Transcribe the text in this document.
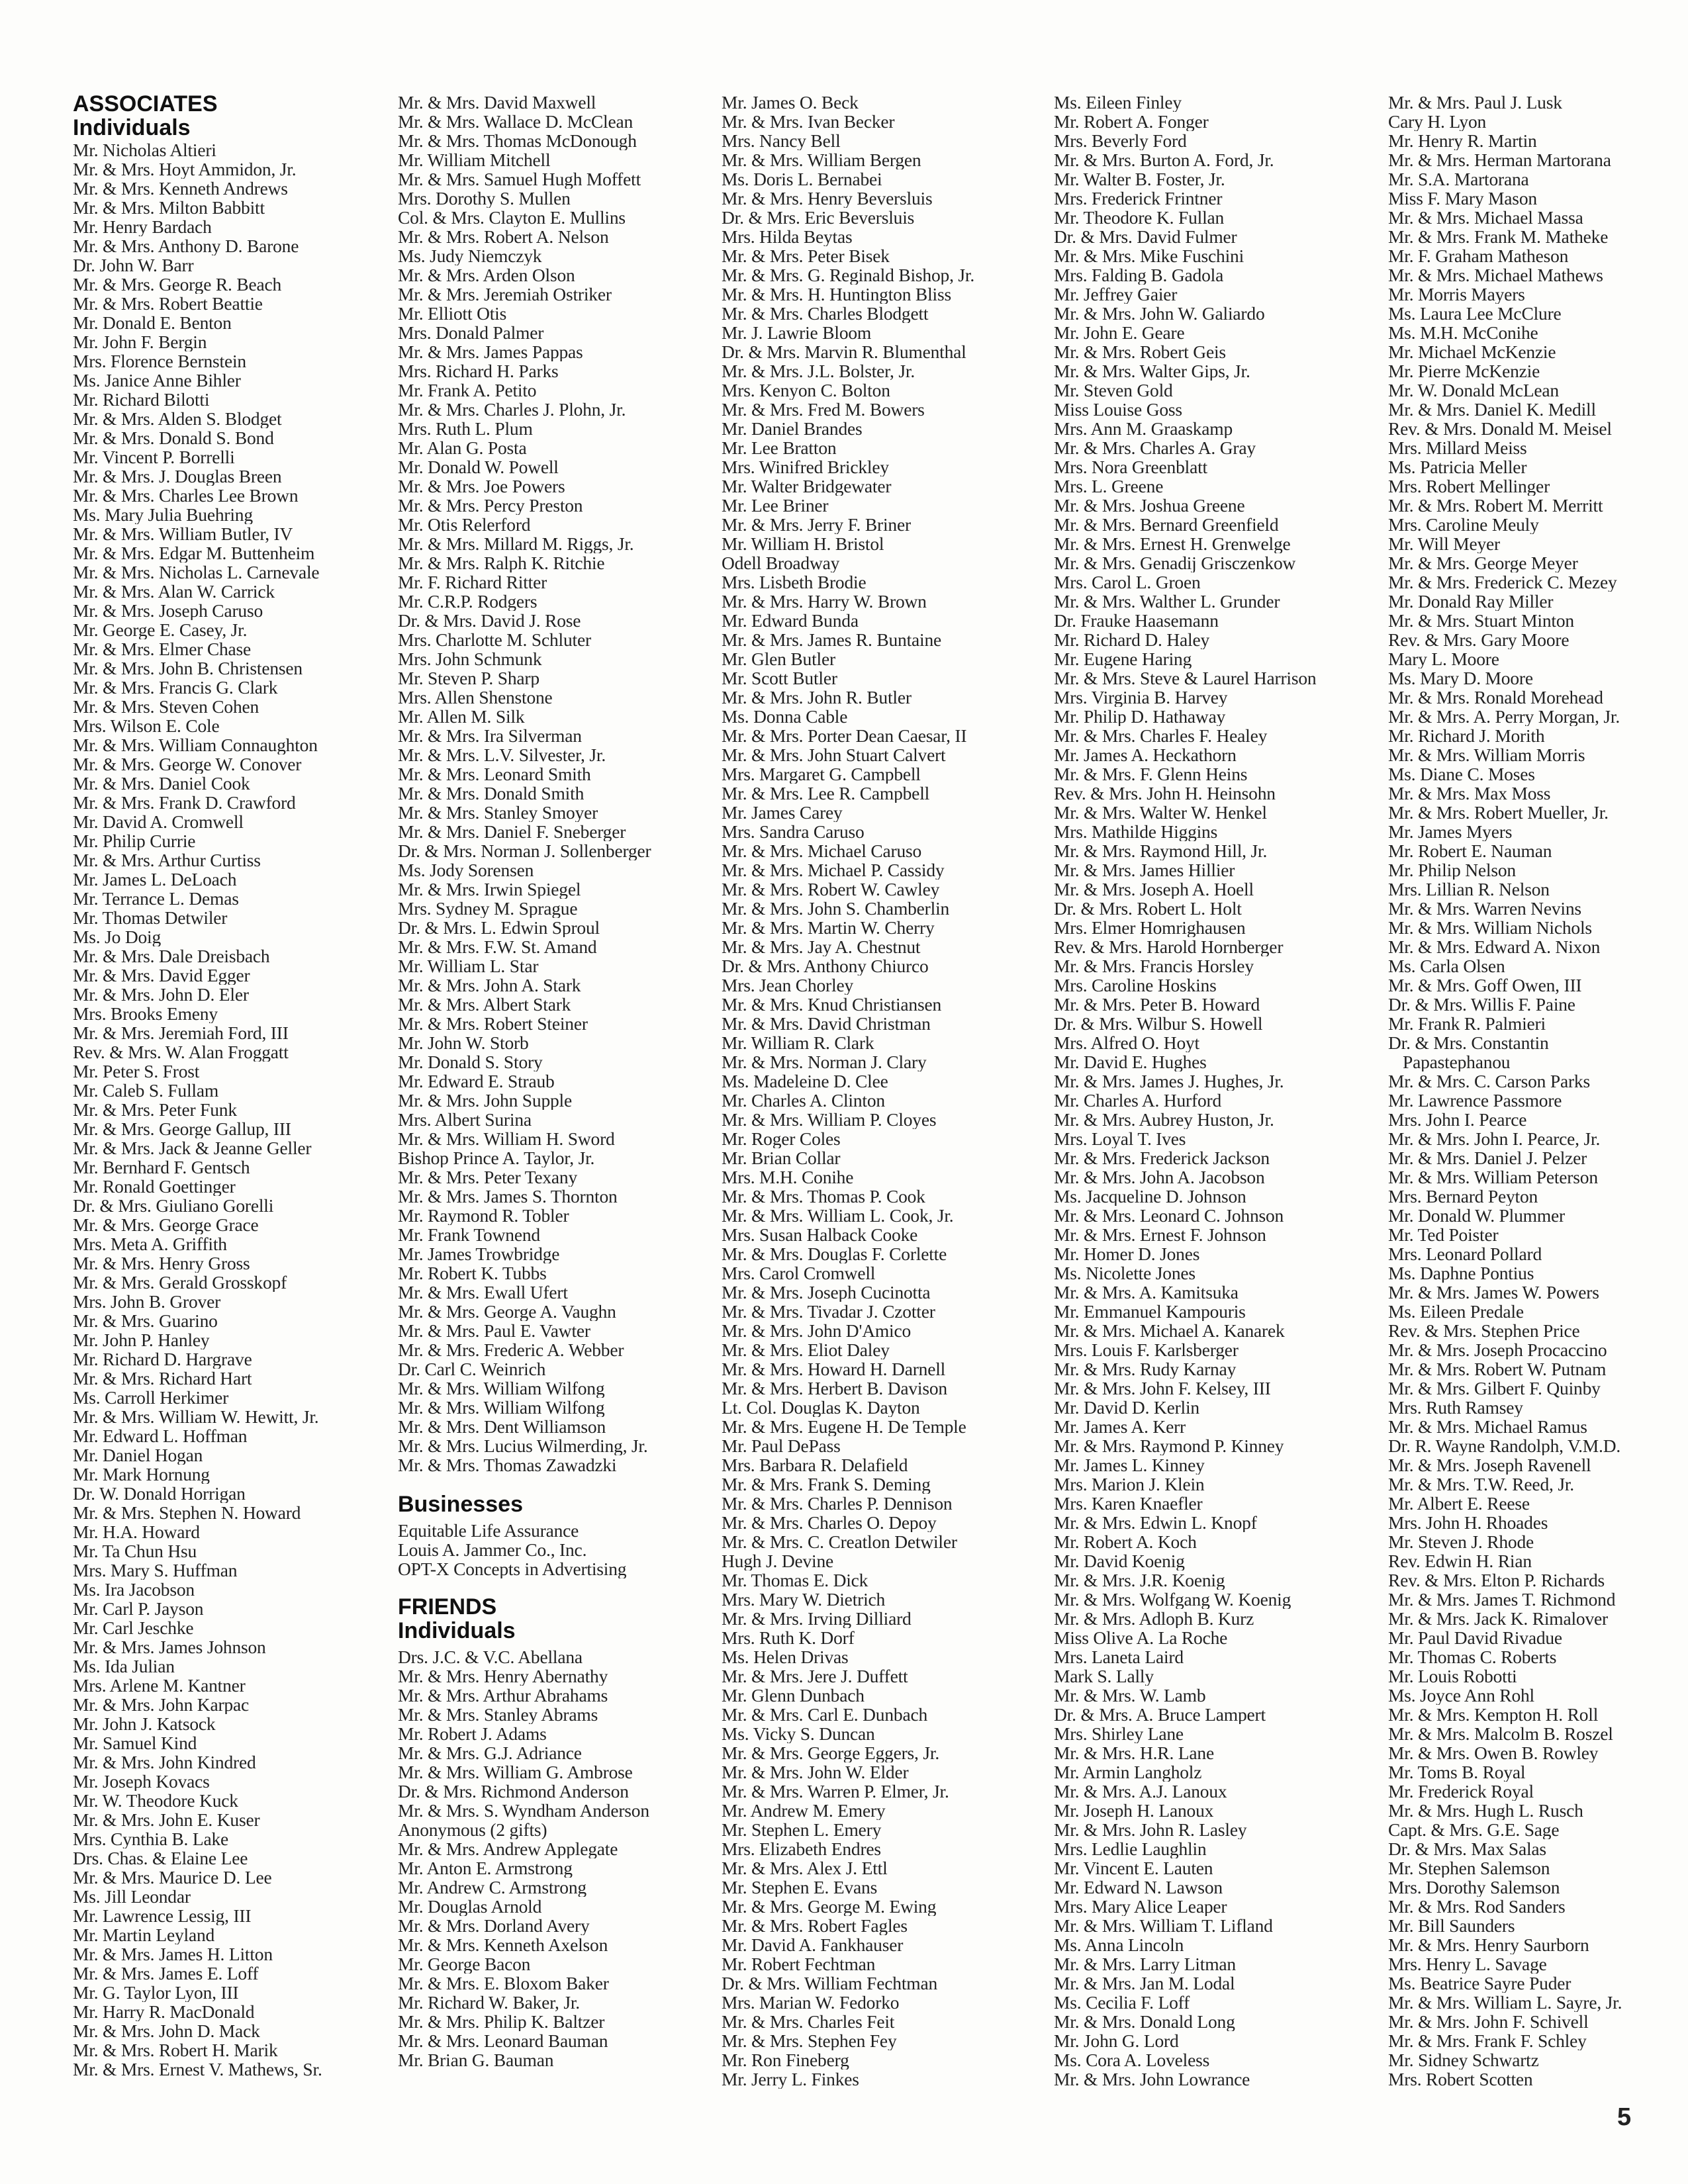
ASSOCIATES
Individuals
Mr. Nicholas Altieri
Mr. & Mrs. Hoyt Ammidon, Jr.
Mr. & Mrs. Kenneth Andrews
Mr. & Mrs. Milton Babbitt
Mr. Henry Bardach
Mr. & Mrs. Anthony D. Barone
Dr. John W. Barr
Mr. & Mrs. George R. Beach
Mr. & Mrs. Robert Beattie
Mr. Donald E. Benton
Mr. John F. Bergin
Mrs. Florence Bernstein
Ms. Janice Anne Bihler
Mr. Richard Bilotti
Mr. & Mrs. Alden S. Blodget
Mr. & Mrs. Donald S. Bond
Mr. Vincent P. Borrelli
Mr. & Mrs. J. Douglas Breen
Mr. & Mrs. Charles Lee Brown
Ms. Mary Julia Buehring
Mr. & Mrs. William Butler, IV
Mr. & Mrs. Edgar M. Buttenheim
Mr. & Mrs. Nicholas L. Carnevale
Mr. & Mrs. Alan W. Carrick
Mr. & Mrs. Joseph Caruso
Mr. George E. Casey, Jr.
Mr. & Mrs. Elmer Chase
Mr. & Mrs. John B. Christensen
Mr. & Mrs. Francis G. Clark
Mr. & Mrs. Steven Cohen
Mrs. Wilson E. Cole
Mr. & Mrs. William Connaughton
Mr. & Mrs. George W. Conover
Mr. & Mrs. Daniel Cook
Mr. & Mrs. Frank D. Crawford
Mr. David A. Cromwell
Mr. Philip Currie
Mr. & Mrs. Arthur Curtiss
Mr. James L. DeLoach
Mr. Terrance L. Demas
Mr. Thomas Detwiler
Ms. Jo Doig
Mr. & Mrs. Dale Dreisbach
Mr. & Mrs. David Egger
Mr. & Mrs. John D. Eler
Mrs. Brooks Emeny
Mr. & Mrs. Jeremiah Ford, III
Rev. & Mrs. W. Alan Froggatt
Mr. Peter S. Frost
Mr. Caleb S. Fullam
Mr. & Mrs. Peter Funk
Mr. & Mrs. George Gallup, III
Mr. & Mrs. Jack & Jeanne Geller
Mr. Bernhard F. Gentsch
Mr. Ronald Goettinger
Dr. & Mrs. Giuliano Gorelli
Mr. & Mrs. George Grace
Mrs. Meta A. Griffith
Mr. & Mrs. Henry Gross
Mr. & Mrs. Gerald Grosskopf
Mrs. John B. Grover
Mr. & Mrs. Guarino
Mr. John P. Hanley
Mr. Richard D. Hargrave
Mr. & Mrs. Richard Hart
Ms. Carroll Herkimer
Mr. & Mrs. William W. Hewitt, Jr.
Mr. Edward L. Hoffman
Mr. Daniel Hogan
Mr. Mark Hornung
Dr. W. Donald Horrigan
Mr. & Mrs. Stephen N. Howard
Mr. H.A. Howard
Mr. Ta Chun Hsu
Mrs. Mary S. Huffman
Ms. Ira Jacobson
Mr. Carl P. Jayson
Mr. Carl Jeschke
Mr. & Mrs. James Johnson
Ms. Ida Julian
Mrs. Arlene M. Kantner
Mr. & Mrs. John Karpac
Mr. John J. Katsock
Mr. Samuel Kind
Mr. & Mrs. John Kindred
Mr. Joseph Kovacs
Mr. W. Theodore Kuck
Mr. & Mrs. John E. Kuser
Mrs. Cynthia B. Lake
Drs. Chas. & Elaine Lee
Mr. & Mrs. Maurice D. Lee
Ms. Jill Leondar
Mr. Lawrence Lessig, III
Mr. Martin Leyland
Mr. & Mrs. James H. Litton
Mr. & Mrs. James E. Loff
Mr. G. Taylor Lyon, III
Mr. Harry R. MacDonald
Mr. & Mrs. John D. Mack
Mr. & Mrs. Robert H. Marik
Mr. & Mrs. Ernest V. Mathews, Sr.
Mr. & Mrs. David Maxwell
Mr. & Mrs. Wallace D. McClean
Mr. & Mrs. Thomas McDonough
Mr. William Mitchell
Mr. & Mrs. Samuel Hugh Moffett
Mrs. Dorothy S. Mullen
Col. & Mrs. Clayton E. Mullins
Mr. & Mrs. Robert A. Nelson
Ms. Judy Niemczyk
Mr. & Mrs. Arden Olson
Mr. & Mrs. Jeremiah Ostriker
Mr. Elliott Otis
Mrs. Donald Palmer
Mr. & Mrs. James Pappas
Mrs. Richard H. Parks
Mr. Frank A. Petito
Mr. & Mrs. Charles J. Plohn, Jr.
Mrs. Ruth L. Plum
Mr. Alan G. Posta
Mr. Donald W. Powell
Mr. & Mrs. Joe Powers
Mr. & Mrs. Percy Preston
Mr. Otis Relerford
Mr. & Mrs. Millard M. Riggs, Jr.
Mr. & Mrs. Ralph K. Ritchie
Mr. F. Richard Ritter
Mr. C.R.P. Rodgers
Dr. & Mrs. David J. Rose
Mrs. Charlotte M. Schluter
Mrs. John Schmunk
Mr. Steven P. Sharp
Mrs. Allen Shenstone
Mr. Allen M. Silk
Mr. & Mrs. Ira Silverman
Mr. & Mrs. L.V. Silvester, Jr.
Mr. & Mrs. Leonard Smith
Mr. & Mrs. Donald Smith
Mr. & Mrs. Stanley Smoyer
Mr. & Mrs. Daniel F. Sneberger
Dr. & Mrs. Norman J. Sollenberger
Ms. Jody Sorensen
Mr. & Mrs. Irwin Spiegel
Mrs. Sydney M. Sprague
Dr. & Mrs. L. Edwin Sproul
Mr. & Mrs. F.W. St. Amand
Mr. William L. Star
Mr. & Mrs. John A. Stark
Mr. & Mrs. Albert Stark
Mr. & Mrs. Robert Steiner
Mr. John W. Storb
Mr. Donald S. Story
Mr. Edward E. Straub
Mr. & Mrs. John Supple
Mrs. Albert Surina
Mr. & Mrs. William H. Sword
Bishop Prince A. Taylor, Jr.
Mr. & Mrs. Peter Texany
Mr. & Mrs. James S. Thornton
Mr. Raymond R. Tobler
Mr. Frank Townend
Mr. James Trowbridge
Mr. Robert K. Tubbs
Mr. & Mrs. Ewall Ufert
Mr. & Mrs. George A. Vaughn
Mr. & Mrs. Paul E. Vawter
Mr. & Mrs. Frederic A. Webber
Dr. Carl C. Weinrich
Mr. & Mrs. William Wilfong
Mr. & Mrs. William Wilfong
Mr. & Mrs. Dent Williamson
Mr. & Mrs. Lucius Wilmerding, Jr.
Mr. & Mrs. Thomas Zawadzki
Businesses
Equitable Life Assurance
Louis A. Jammer Co., Inc.
OPT-X Concepts in Advertising
FRIENDS
Individuals
Drs. J.C. & V.C. Abellana
Mr. & Mrs. Henry Abernathy
Mr. & Mrs. Arthur Abrahams
Mr. & Mrs. Stanley Abrams
Mr. Robert J. Adams
Mr. & Mrs. G.J. Adriance
Mr. & Mrs. William G. Ambrose
Dr. & Mrs. Richmond Anderson
Mr. & Mrs. S. Wyndham Anderson
Anonymous (2 gifts)
Mr. & Mrs. Andrew Applegate
Mr. Anton E. Armstrong
Mr. Andrew C. Armstrong
Mr. Douglas Arnold
Mr. & Mrs. Dorland Avery
Mr. & Mrs. Kenneth Axelson
Mr. George Bacon
Mr. & Mrs. E. Bloxom Baker
Mr. Richard W. Baker, Jr.
Mr. & Mrs. Philip K. Baltzer
Mr. & Mrs. Leonard Bauman
Mr. Brian G. Bauman
Mr. James O. Beck
Mr. & Mrs. Ivan Becker
Mrs. Nancy Bell
Mr. & Mrs. William Bergen
Ms. Doris L. Bernabei
Mr. & Mrs. Henry Beversluis
Dr. & Mrs. Eric Beversluis
Mrs. Hilda Beytas
Mr. & Mrs. Peter Bisek
Mr. & Mrs. G. Reginald Bishop, Jr.
Mr. & Mrs. H. Huntington Bliss
Mr. & Mrs. Charles Blodgett
Mr. J. Lawrie Bloom
Dr. & Mrs. Marvin R. Blumenthal
Mr. & Mrs. J.L. Bolster, Jr.
Mrs. Kenyon C. Bolton
Mr. & Mrs. Fred M. Bowers
Mr. Daniel Brandes
Mr. Lee Bratton
Mrs. Winifred Brickley
Mr. Walter Bridgewater
Mr. Lee Briner
Mr. & Mrs. Jerry F. Briner
Mr. William H. Bristol
Odell Broadway
Mrs. Lisbeth Brodie
Mr. & Mrs. Harry W. Brown
Mr. Edward Bunda
Mr. & Mrs. James R. Buntaine
Mr. Glen Butler
Mr. Scott Butler
Mr. & Mrs. John R. Butler
Ms. Donna Cable
Mr. & Mrs. Porter Dean Caesar, II
Mr. & Mrs. John Stuart Calvert
Mrs. Margaret G. Campbell
Mr. & Mrs. Lee R. Campbell
Mr. James Carey
Mrs. Sandra Caruso
Mr. & Mrs. Michael Caruso
Mr. & Mrs. Michael P. Cassidy
Mr. & Mrs. Robert W. Cawley
Mr. & Mrs. John S. Chamberlin
Mr. & Mrs. Martin W. Cherry
Mr. & Mrs. Jay A. Chestnut
Dr. & Mrs. Anthony Chiurco
Mrs. Jean Chorley
Mr. & Mrs. Knud Christiansen
Mr. & Mrs. David Christman
Mr. William R. Clark
Mr. & Mrs. Norman J. Clary
Ms. Madeleine D. Clee
Mr. Charles A. Clinton
Mr. & Mrs. William P. Cloyes
Mr. Roger Coles
Mr. Brian Collar
Mrs. M.H. Conihe
Mr. & Mrs. Thomas P. Cook
Mr. & Mrs. William L. Cook, Jr.
Mrs. Susan Halback Cooke
Mr. & Mrs. Douglas F. Corlette
Mrs. Carol Cromwell
Mr. & Mrs. Joseph Cucinotta
Mr. & Mrs. Tivadar J. Czotter
Mr. & Mrs. John D'Amico
Mr. & Mrs. Eliot Daley
Mr. & Mrs. Howard H. Darnell
Mr. & Mrs. Herbert B. Davison
Lt. Col. Douglas K. Dayton
Mr. & Mrs. Eugene H. De Temple
Mr. Paul DePass
Mrs. Barbara R. Delafield
Mr. & Mrs. Frank S. Deming
Mr. & Mrs. Charles P. Dennison
Mr. & Mrs. Charles O. Depoy
Mr. & Mrs. C. Creatlon Detwiler
Hugh J. Devine
Mr. Thomas E. Dick
Mrs. Mary W. Dietrich
Mr. & Mrs. Irving Dilliard
Mrs. Ruth K. Dorf
Ms. Helen Drivas
Mr. & Mrs. Jere J. Duffett
Mr. Glenn Dunbach
Mr. & Mrs. Carl E. Dunbach
Ms. Vicky S. Duncan
Mr. & Mrs. George Eggers, Jr.
Mr. & Mrs. John W. Elder
Mr. & Mrs. Warren P. Elmer, Jr.
Mr. Andrew M. Emery
Mr. Stephen L. Emery
Mrs. Elizabeth Endres
Mr. & Mrs. Alex J. Ettl
Mr. Stephen E. Evans
Mr. & Mrs. George M. Ewing
Mr. & Mrs. Robert Fagles
Mr. David A. Fankhauser
Mr. Robert Fechtman
Dr. & Mrs. William Fechtman
Mrs. Marian W. Fedorko
Mr. & Mrs. Charles Feit
Mr. & Mrs. Stephen Fey
Mr. Ron Fineberg
Mr. Jerry L. Finkes
Ms. Eileen Finley
Mr. Robert A. Fonger
Mrs. Beverly Ford
Mr. & Mrs. Burton A. Ford, Jr.
Mr. Walter B. Foster, Jr.
Mrs. Frederick Frintner
Mr. Theodore K. Fullan
Dr. & Mrs. David Fulmer
Mr. & Mrs. Mike Fuschini
Mrs. Falding B. Gadola
Mr. Jeffrey Gaier
Mr. & Mrs. John W. Galiardo
Mr. John E. Geare
Mr. & Mrs. Robert Geis
Mr. & Mrs. Walter Gips, Jr.
Mr. Steven Gold
Miss Louise Goss
Mrs. Ann M. Graaskamp
Mr. & Mrs. Charles A. Gray
Mrs. Nora Greenblatt
Mrs. L. Greene
Mr. & Mrs. Joshua Greene
Mr. & Mrs. Bernard Greenfield
Mr. & Mrs. Ernest H. Grenwelge
Mr. & Mrs. Genadij Grisczenkow
Mrs. Carol L. Groen
Mr. & Mrs. Walther L. Grunder
Dr. Frauke Haasemann
Mr. Richard D. Haley
Mr. Eugene Haring
Mr. & Mrs. Steve & Laurel Harrison
Mrs. Virginia B. Harvey
Mr. Philip D. Hathaway
Mr. & Mrs. Charles F. Healey
Mr. James A. Heckathorn
Mr. & Mrs. F. Glenn Heins
Rev. & Mrs. John H. Heinsohn
Mr. & Mrs. Walter W. Henkel
Mrs. Mathilde Higgins
Mr. & Mrs. Raymond Hill, Jr.
Mr. & Mrs. James Hillier
Mr. & Mrs. Joseph A. Hoell
Dr. & Mrs. Robert L. Holt
Mrs. Elmer Homrighausen
Rev. & Mrs. Harold Hornberger
Mr. & Mrs. Francis Horsley
Mrs. Caroline Hoskins
Mr. & Mrs. Peter B. Howard
Dr. & Mrs. Wilbur S. Howell
Mrs. Alfred O. Hoyt
Mr. David E. Hughes
Mr. & Mrs. James J. Hughes, Jr.
Mr. Charles A. Hurford
Mr. & Mrs. Aubrey Huston, Jr.
Mrs. Loyal T. Ives
Mr. & Mrs. Frederick Jackson
Mr. & Mrs. John A. Jacobson
Ms. Jacqueline D. Johnson
Mr. & Mrs. Leonard C. Johnson
Mr. & Mrs. Ernest F. Johnson
Mr. Homer D. Jones
Ms. Nicolette Jones
Mr. & Mrs. A. Kamitsuka
Mr. Emmanuel Kampouris
Mr. & Mrs. Michael A. Kanarek
Mrs. Louis F. Karlsberger
Mr. & Mrs. Rudy Karnay
Mr. & Mrs. John F. Kelsey, III
Mr. David D. Kerlin
Mr. James A. Kerr
Mr. & Mrs. Raymond P. Kinney
Mr. James L. Kinney
Mrs. Marion J. Klein
Mrs. Karen Knaefler
Mr. & Mrs. Edwin L. Knopf
Mr. Robert A. Koch
Mr. David Koenig
Mr. & Mrs. J.R. Koenig
Mr. & Mrs. Wolfgang W. Koenig
Mr. & Mrs. Adloph B. Kurz
Miss Olive A. La Roche
Mrs. Laneta Laird
Mark S. Lally
Mr. & Mrs. W. Lamb
Dr. & Mrs. A. Bruce Lampert
Mrs. Shirley Lane
Mr. & Mrs. H.R. Lane
Mr. Armin Langholz
Mr. & Mrs. A.J. Lanoux
Mr. Joseph H. Lanoux
Mr. & Mrs. John R. Lasley
Mrs. Ledlie Laughlin
Mr. Vincent E. Lauten
Mr. Edward N. Lawson
Mrs. Mary Alice Leaper
Mr. & Mrs. William T. Lifland
Ms. Anna Lincoln
Mr. & Mrs. Larry Litman
Mr. & Mrs. Jan M. Lodal
Ms. Cecilia F. Loff
Mr. & Mrs. Donald Long
Mr. John G. Lord
Ms. Cora A. Loveless
Mr. & Mrs. John Lowrance
Mr. & Mrs. Paul J. Lusk
Cary H. Lyon
Mr. Henry R. Martin
Mr. & Mrs. Herman Martorana
Mr. S.A. Martorana
Miss F. Mary Mason
Mr. & Mrs. Michael Massa
Mr. & Mrs. Frank M. Matheke
Mr. F. Graham Matheson
Mr. & Mrs. Michael Mathews
Mr. Morris Mayers
Ms. Laura Lee McClure
Ms. M.H. McConihe
Mr. Michael McKenzie
Mr. Pierre McKenzie
Mr. W. Donald McLean
Mr. & Mrs. Daniel K. Medill
Rev. & Mrs. Donald M. Meisel
Mrs. Millard Meiss
Ms. Patricia Meller
Mrs. Robert Mellinger
Mr. & Mrs. Robert M. Merritt
Mrs. Caroline Meuly
Mr. Will Meyer
Mr. & Mrs. George Meyer
Mr. & Mrs. Frederick C. Mezey
Mr. Donald Ray Miller
Mr. & Mrs. Stuart Minton
Rev. & Mrs. Gary Moore
Mary L. Moore
Ms. Mary D. Moore
Mr. & Mrs. Ronald Morehead
Mr. & Mrs. A. Perry Morgan, Jr.
Mr. Richard J. Morith
Mr. & Mrs. William Morris
Ms. Diane C. Moses
Mr. & Mrs. Max Moss
Mr. & Mrs. Robert Mueller, Jr.
Mr. James Myers
Mr. Robert E. Nauman
Mr. Philip Nelson
Mrs. Lillian R. Nelson
Mr. & Mrs. Warren Nevins
Mr. & Mrs. William Nichols
Mr. & Mrs. Edward A. Nixon
Ms. Carla Olsen
Mr. & Mrs. Goff Owen, III
Dr. & Mrs. Willis F. Paine
Mr. Frank R. Palmieri
Dr. & Mrs. Constantin
Papastephanou
Mr. & Mrs. C. Carson Parks
Mr. Lawrence Passmore
Mrs. John I. Pearce
Mr. & Mrs. John I. Pearce, Jr.
Mr. & Mrs. Daniel J. Pelzer
Mr. & Mrs. William Peterson
Mrs. Bernard Peyton
Mr. Donald W. Plummer
Mr. Ted Poister
Mrs. Leonard Pollard
Ms. Daphne Pontius
Mr. & Mrs. James W. Powers
Ms. Eileen Predale
Rev. & Mrs. Stephen Price
Mr. & Mrs. Joseph Procaccino
Mr. & Mrs. Robert W. Putnam
Mr. & Mrs. Gilbert F. Quinby
Mrs. Ruth Ramsey
Mr. & Mrs. Michael Ramus
Dr. R. Wayne Randolph, V.M.D.
Mr. & Mrs. Joseph Ravenell
Mr. & Mrs. T.W. Reed, Jr.
Mr. Albert E. Reese
Mrs. John H. Rhoades
Mr. Steven J. Rhode
Rev. Edwin H. Rian
Rev. & Mrs. Elton P. Richards
Mr. & Mrs. James T. Richmond
Mr. & Mrs. Jack K. Rimalover
Mr. Paul David Rivadue
Mr. Thomas C. Roberts
Mr. Louis Robotti
Ms. Joyce Ann Rohl
Mr. & Mrs. Kempton H. Roll
Mr. & Mrs. Malcolm B. Roszel
Mr. & Mrs. Owen B. Rowley
Mr. Toms B. Royal
Mr. Frederick Royal
Mr. & Mrs. Hugh L. Rusch
Capt. & Mrs. G.E. Sage
Dr. & Mrs. Max Salas
Mr. Stephen Salemson
Mrs. Dorothy Salemson
Mr. & Mrs. Rod Sanders
Mr. Bill Saunders
Mr. & Mrs. Henry Saurborn
Mrs. Henry L. Savage
Ms. Beatrice Sayre Puder
Mr. & Mrs. William L. Sayre, Jr.
Mr. & Mrs. John F. Schivell
Mr. & Mrs. Frank F. Schley
Mr. Sidney Schwartz
Mrs. Robert Scotten
5
